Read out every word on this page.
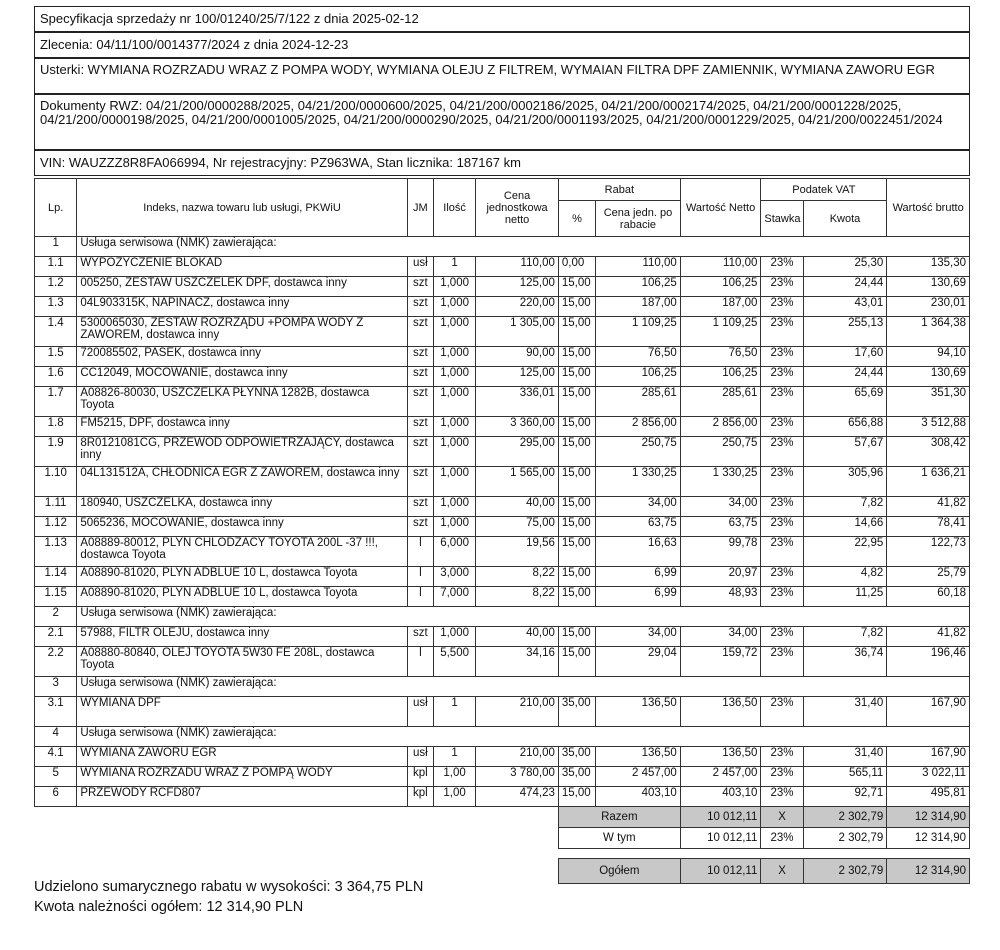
Specyfikacja sprzedaży nr 100/01240/25/7/122 z dnia 2025-02-12
Zlecenia: 04/11/100/0014377/2024 z dnia 2024-12-23
Usterki: WYMIANA ROZRZADU WRAZ Z POMPA WODY, WYMIANA OLEJU Z FILTREM, WYMAIAN FILTRA DPF ZAMIENNIK, WYMIANA ZAWORU EGR
Dokumenty RWZ: 04/21/200/0000288/2025, 04/21/200/0000600/2025, 04/21/200/0002186/2025, 04/21/200/0002174/2025, 04/21/200/0001228/2025, 04/21/200/0000198/2025, 04/21/200/0001005/2025, 04/21/200/0000290/2025, 04/21/200/0001193/2025, 04/21/200/0001229/2025, 04/21/200/0022451/2024
VIN: WAUZZZ8R8FA066994, Nr rejestracyjny: PZ963WA, Stan licznika: 187167 km
Lp.	Indeks, nazwa towaru lub usługi, PKWiU	JM	Ilość	Cena jednostkowa netto	Rabat		Wartość Netto	Podatek VAT		Wartość brutto
					%	Cena jedn. po rabacie		Stawka	Kwota	
1	Usługa serwisowa (NMK) zawierająca:									
1.1	WYPOZYCZENIE BLOKAD	usł	1	110,00	0,00	110,00	110,00	23%	25,30	135,30
1.2	005250, ZESTAW USZCZELEK DPF, dostawca inny	szt	1,000	125,00	15,00	106,25	106,25	23%	24,44	130,69
1.3	04L903315K, NAPINACZ, dostawca inny	szt	1,000	220,00	15,00	187,00	187,00	23%	43,01	230,01
1.4	5300065030, ZESTAW ROZRZĄDU +POMPA WODY Z ZAWOREM, dostawca inny	szt	1,000	1 305,00	15,00	1 109,25	1 109,25	23%	255,13	1 364,38
1.5	720085502, PASEK, dostawca inny	szt	1,000	90,00	15,00	76,50	76,50	23%	17,60	94,10
1.6	CC12049, MOCOWANIE, dostawca inny	szt	1,000	125,00	15,00	106,25	106,25	23%	24,44	130,69
1.7	A08826-80030, USZCZELKA PŁYNNA 1282B, dostawca Toyota	szt	1,000	336,01	15,00	285,61	285,61	23%	65,69	351,30
1.8	FM5215, DPF, dostawca inny	szt	1,000	3 360,00	15,00	2 856,00	2 856,00	23%	656,88	3 512,88
1.9	8R0121081CG, PRZEWÓD ODPOWIETRZAJĄCY, dostawca inny	szt	1,000	295,00	15,00	250,75	250,75	23%	57,67	308,42
1.10	04L131512A, CHŁODNICA EGR Z ZAWOREM, dostawca inny	szt	1,000	1 565,00	15,00	1 330,25	1 330,25	23%	305,96	1 636,21
1.11	180940, USZCZELKA, dostawca inny	szt	1,000	40,00	15,00	34,00	34,00	23%	7,82	41,82
1.12	5065236, MOCOWANIE, dostawca inny	szt	1,000	75,00	15,00	63,75	63,75	23%	14,66	78,41
1.13	A08889-80012, PLYN CHLODZACY TOYOTA 200L -37 !!!, dostawca Toyota	l	6,000	19,56	15,00	16,63	99,78	23%	22,95	122,73
1.14	A08890-81020, PLYN ADBLUE 10 L, dostawca Toyota	l	3,000	8,22	15,00	6,99	20,97	23%	4,82	25,79
1.15	A08890-81020, PLYN ADBLUE 10 L, dostawca Toyota	l	7,000	8,22	15,00	6,99	48,93	23%	11,25	60,18
2	Usługa serwisowa (NMK) zawierająca:									
2.1	57988, FILTR OLEJU, dostawca inny	szt	1,000	40,00	15,00	34,00	34,00	23%	7,82	41,82
2.2	A08880-80840, OLEJ TOYOTA 5W30 FE 208L, dostawca Toyota	l	5,500	34,16	15,00	29,04	159,72	23%	36,74	196,46
3	Usługa serwisowa (NMK) zawierająca:									
3.1	WYMIANA DPF	usł	1	210,00	35,00	136,50	136,50	23%	31,40	167,90
4	Usługa serwisowa (NMK) zawierająca:									
4.1	WYMIANA ZAWORU EGR	usł	1	210,00	35,00	136,50	136,50	23%	31,40	167,90
5	WYMIANA ROZRZADU WRAZ Z POMPĄ WODY	kpl	1,00	3 780,00	35,00	2 457,00	2 457,00	23%	565,11	3 022,11
6	PRZEWODY RCFD807	kpl	1,00	474,23	15,00	403,10	403,10	23%	92,71	495,81
					Razem		10 012,11	X	2 302,79	12 314,90
					W tym		10 012,11	23%	2 302,79	12 314,90

					Ogółem		10 012,11	X	2 302,79	12 314,90
Udzielono sumarycznego rabatu w wysokości: 3 364,75 PLN
Kwota należności ogółem: 12 314,90 PLN
